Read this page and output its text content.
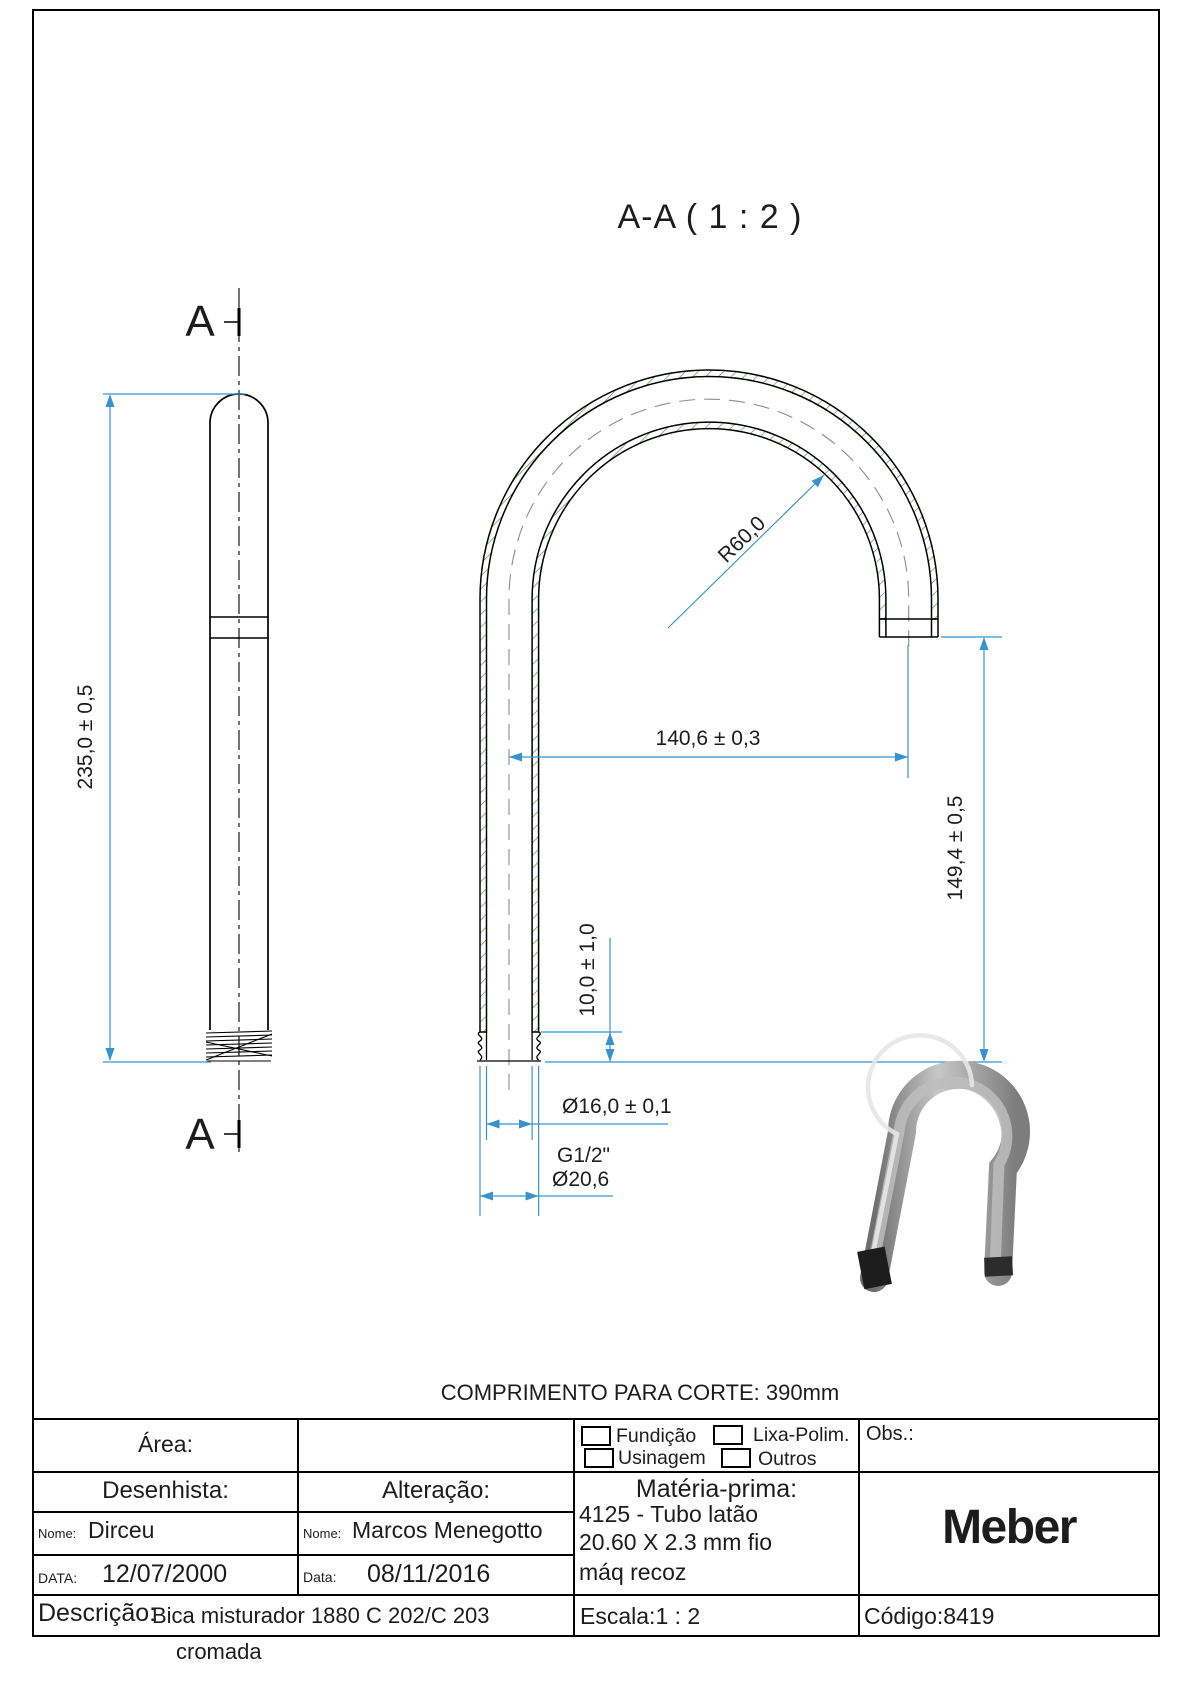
A
A
235,0 ± 0,5
R60,0
140,6 ± 0,3
149,4 ± 0,5
10,0 ± 1,0
Ø16,0 ± 0,1
G1/2"
Ø20,6
A-A ( 1 : 2 )
COMPRIMENTO PARA CORTE: 390mm
Área:
Desenhista:	Alteração:
Nome: Dirceu	Nome: Marcos Menegotto
DATA: 12/07/2000	Data: 08/11/2016
Fundição
Usinagem
Lixa-Polim.
Outros
Obs.:
Matéria-prima:
4125 - Tubo latão
20.60 X 2.3 mm fio
máq recoz
Meber
Descrição:
Bica misturador 1880 C 202/C 203
cromada
Escala:1 : 2	Código:8419
